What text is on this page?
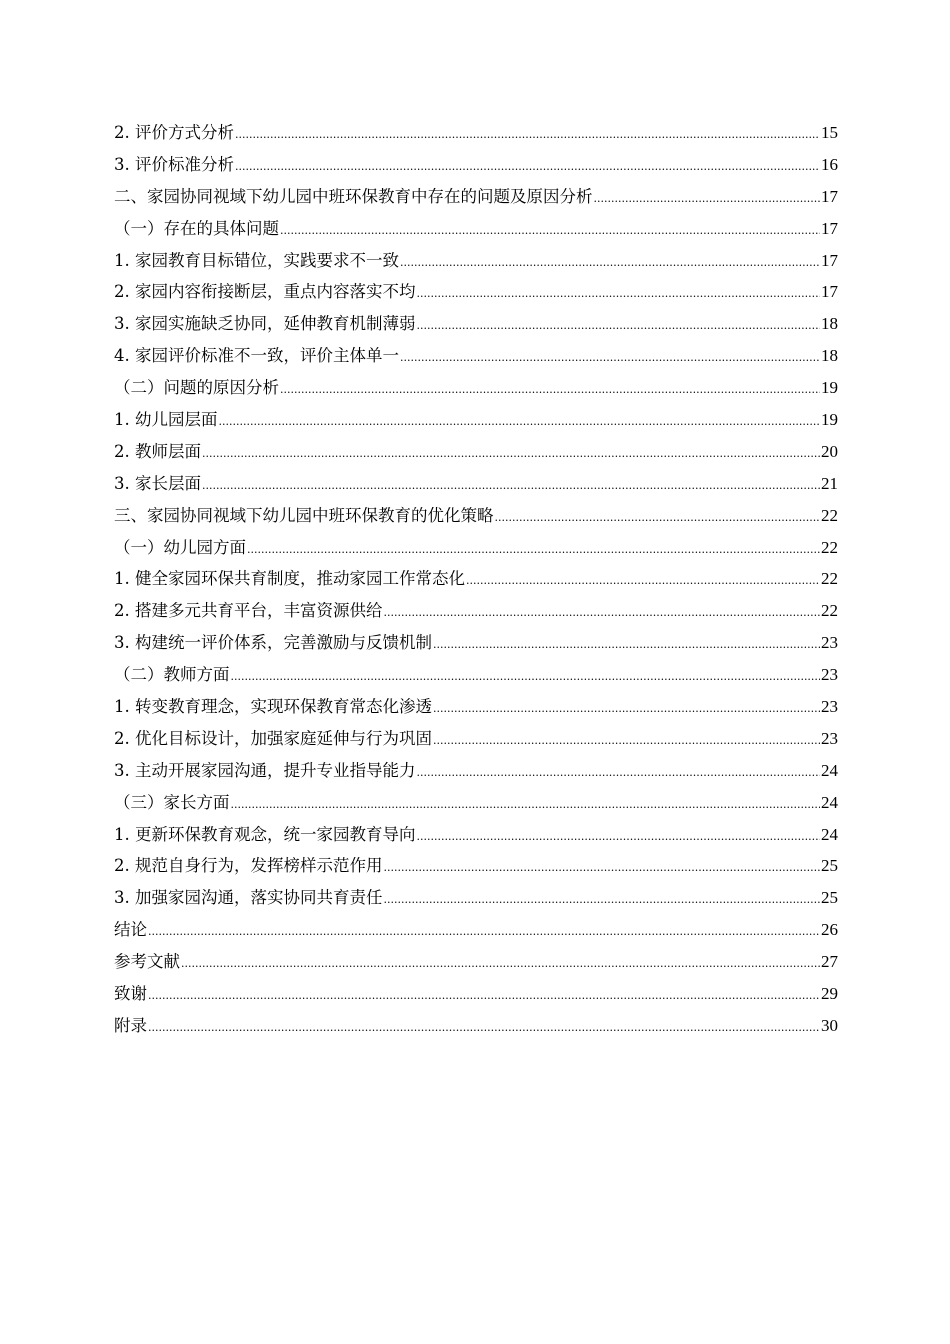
2. 评价方式分析 .....	15
3. 评价标准分析 .....	16
二、家园协同视域下幼儿园中班环保教育中存在的问题及原因分析 .....	17
（一）存在的具体问题 .....	17
1. 家园教育目标错位，实践要求不一致 .....	17
2. 家园内容衔接断层，重点内容落实不均 .....	17
3. 家园实施缺乏协同，延伸教育机制薄弱 .....	18
4. 家园评价标准不一致，评价主体单一 .....	18
（二）问题的原因分析 .....	19
1. 幼儿园层面 .....	19
2. 教师层面 .....	20
3. 家长层面 .....	21
三、家园协同视域下幼儿园中班环保教育的优化策略 .....	22
（一）幼儿园方面 .....	22
1. 健全家园环保共育制度，推动家园工作常态化 .....	22
2. 搭建多元共育平台，丰富资源供给 .....	22
3. 构建统一评价体系，完善激励与反馈机制 .....	23
（二）教师方面 .....	23
1. 转变教育理念，实现环保教育常态化渗透 .....	23
2. 优化目标设计，加强家庭延伸与行为巩固 .....	23
3. 主动开展家园沟通，提升专业指导能力 .....	24
（三）家长方面 .....	24
1. 更新环保教育观念，统一家园教育导向 .....	24
2. 规范自身行为，发挥榜样示范作用 .....	25
3. 加强家园沟通，落实协同共育责任 .....	25
结论 .....	26
参考文献 .....	27
致谢 .....	29
附录 .....	30
